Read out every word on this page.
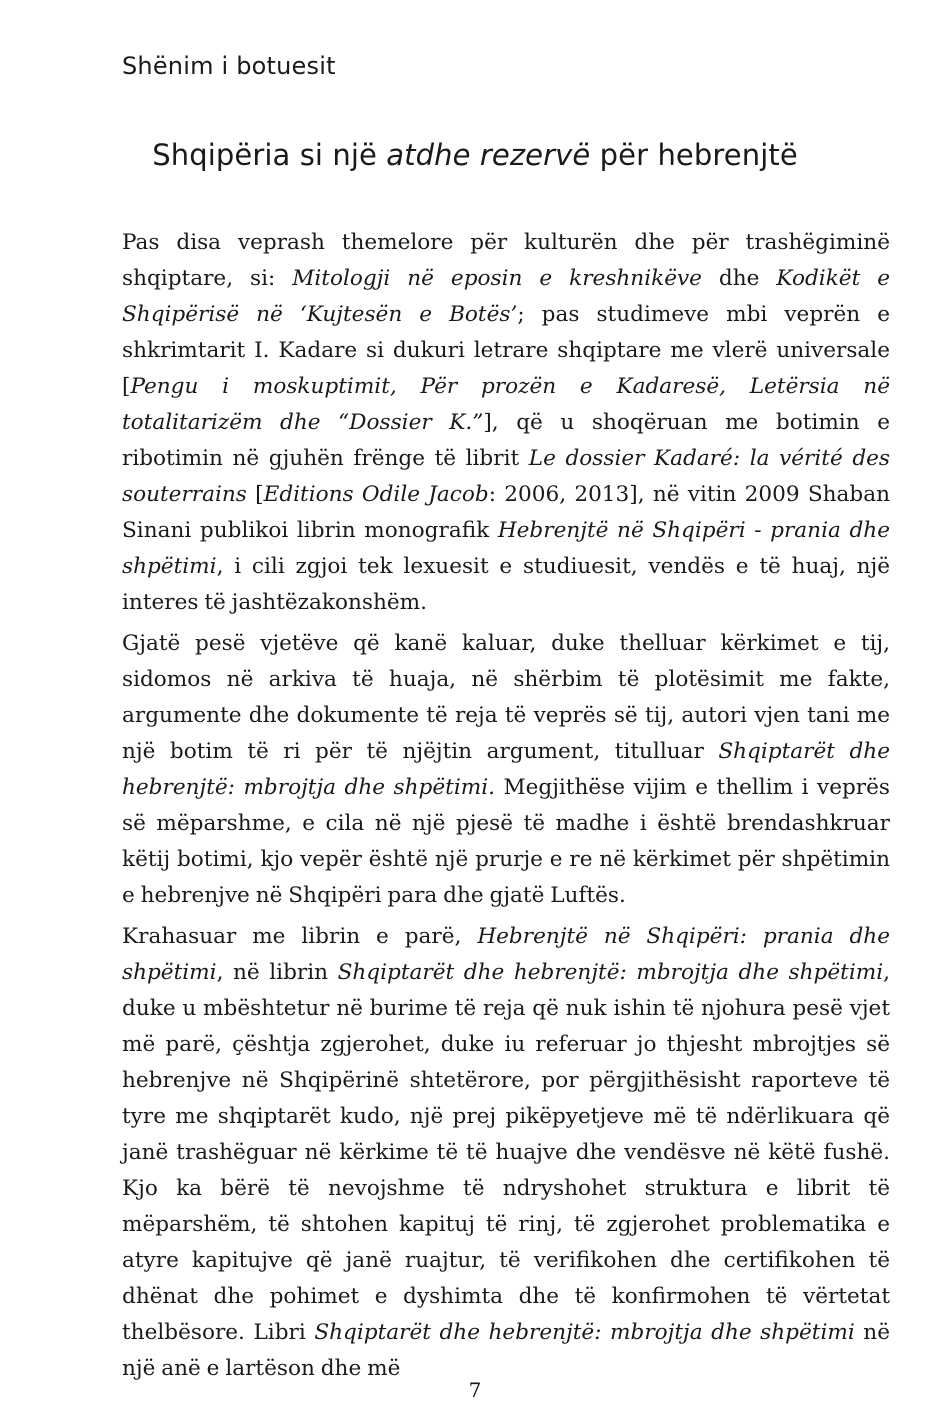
Shënim i botuesit
Shqipëria si një atdhe rezervë për hebrenjtë

Pas disa veprash themelore për kulturën dhe për trashëgiminë shqiptare, si: Mitologji në eposin e kreshnikëve dhe Kodikët e Shqipërisë në ‘Kujtesën e Botës’; pas studimeve mbi veprën e shkrimtarit I. Kadare si dukuri letrare shqiptare me vlerë universale [Pengu i moskuptimit, Për prozën e Kadaresë, Letërsia në totalitarizëm dhe “Dossier K.”], që u shoqëruan me botimin e ribotimin në gjuhën frënge të librit Le dossier Kadaré: la vérité des souterrains [Editions Odile Jacob: 2006, 2013], në vitin 2009 Shaban Sinani publikoi librin monografik Hebrenjtë në Shqipëri - prania dhe shpëtimi, i cili zgjoi tek lexuesit e studiuesit, vendës e të huaj, një interes të jashtëzakonshëm.

Gjatë pesë vjetëve që kanë kaluar, duke thelluar kërkimet e tij, sidomos në arkiva të huaja, në shërbim të plotësimit me fakte, argumente dhe dokumente të reja të veprës së tij, autori vjen tani me një botim të ri për të njëjtin argument, titulluar Shqiptarët dhe hebrenjtë: mbrojtja dhe shpëtimi. Megjithëse vijim e thellim i veprës së mëparshme, e cila në një pjesë të madhe i është brendashkruar këtij botimi, kjo vepër është një prurje e re në kërkimet për shpëtimin e hebrenjve në Shqipëri para dhe gjatë Luftës.

Krahasuar me librin e parë, Hebrenjtë në Shqipëri: prania dhe shpëtimi, në librin Shqiptarët dhe hebrenjtë: mbrojtja dhe shpëtimi, duke u mbështetur në burime të reja që nuk ishin të njohura pesë vjet më parë, çështja zgjerohet, duke iu referuar jo thjesht mbrojtjes së hebrenjve në Shqipërinë shtetërore, por përgjithësisht raporteve të tyre me shqiptarët kudo, një prej pikëpyetjeve më të ndërlikuara që janë trashëguar në kërkime të të huajve dhe vendësve në këtë fushë. Kjo ka bërë të nevojshme të ndryshohet struktura e librit të mëparshëm, të shtohen kapituj të rinj, të zgjerohet problematika e atyre kapitujve që janë ruajtur, të verifikohen dhe certifikohen të dhënat dhe pohimet e dyshimta dhe të konfirmohen të vërtetat thelbësore. Libri Shqiptarët dhe hebrenjtë: mbrojtja dhe shpëtimi në një anë e lartëson dhe më

7
